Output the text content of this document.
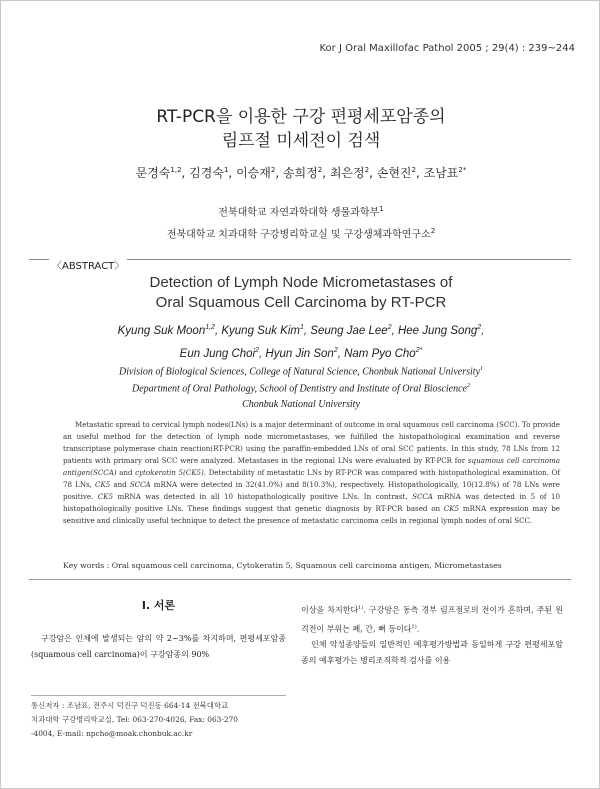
Kor J Oral Maxillofac Pathol 2005 ; 29(4) : 239~244
RT-PCR을 이용한 구강 편평세포암종의
림프절 미세전이 검색
문경숙$^{1,2}$, 김경숙$^1$, 이승재$^2$, 송희정$^2$, 최은정$^2$, 손현진$^2$, 조남표$^{2*}$
전북대학교 자연과학대학 생물과학부$^1$
전북대학교 치과대학 구강병리학교실 및 구강생체과학연구소$^2$
〈ABSTRACT〉
Detection of Lymph Node Micrometastases of
Oral Squamous Cell Carcinoma by RT-PCR
Kyung Suk Moon$^{1,2}$, Kyung Suk Kim$^1$, Seung Jae Lee$^2$, Hee Jung Song$^2$,
Eun Jung Choi$^2$, Hyun Jin Son$^2$, Nam Pyo Cho$^{2*}$
Division of Biological Sciences, College of Natural Science, Chonbuk National University$^1$
Department of Oral Pathology, School of Dentistry and Institute of Oral Bioscience$^2$
Chonbuk National University

Metastatic spread to cervical lymph nodes(LNs) is a major determinant of outcome in oral squamous cell carcinoma (SCC). To provide an useful method for the detection of lymph node micrometastases, we fulfilled the histopathological examination and reverse transcriptase polymerase chain reaction(RT-PCR) using the paraffin-embedded LNs of oral SCC patients. In this study, 78 LNs from 12 patients with primary oral SCC were analyzed. Metastases in the regional LNs were evaluated by RT-PCR for squamous cell carcinoma antigen(SCCA) and cytokeratin 5(CK5). Detectability of metastatic LNs by RT-PCR was compared with histopathological examination. Of 78 LNs, CK5 and SCCA mRNA were detected in 32(41.0%) and 8(10.3%), respectively. Histopathologically, 10(12.8%) of 78 LNs were positive. CK5 mRNA was detected in all 10 histopathologically positive LNs. In contrast, SCCA mRNA was detected in 5 of 10 histopathologically positive LNs. These findings suggest that genetic diagnosis by RT-PCR based on CK5 mRNA expression may be sensitive and clinically useful technique to detect the presence of metastatic carcinoma cells in regional lymph nodes of oral SCC.

Key words : Oral squamous cell carcinoma, Cytokeratin 5, Squamous cell carcinoma antigen, Micrometastases
I. 서론

구강암은 인체에 발생되는 암의 약 2~3%를 차지하며, 편평세포암종(squamous cell carcinoma)이 구강암종의 90%

이상을 차지한다$^{1)}$. 구강암은 동측 경부 림프절로의 전이가 흔하며, 주된 원격전이 부위는 폐, 간, 뼈 등이다$^{1)}$.

인체 악성종양들의 일반적인 예후평가방법과 동일하게 구강 편평세포암종의 예후평가는 병리조직학적 검사를 이용

통신저자 : 조남표, 전주시 덕진구 덕진동 664-14 전북대학교
치과대학 구강병리학교실, Tel: 063-270-4026, Fax: 063-270
-4004, E-mail: npcho@moak.chonbuk.ac.kr
